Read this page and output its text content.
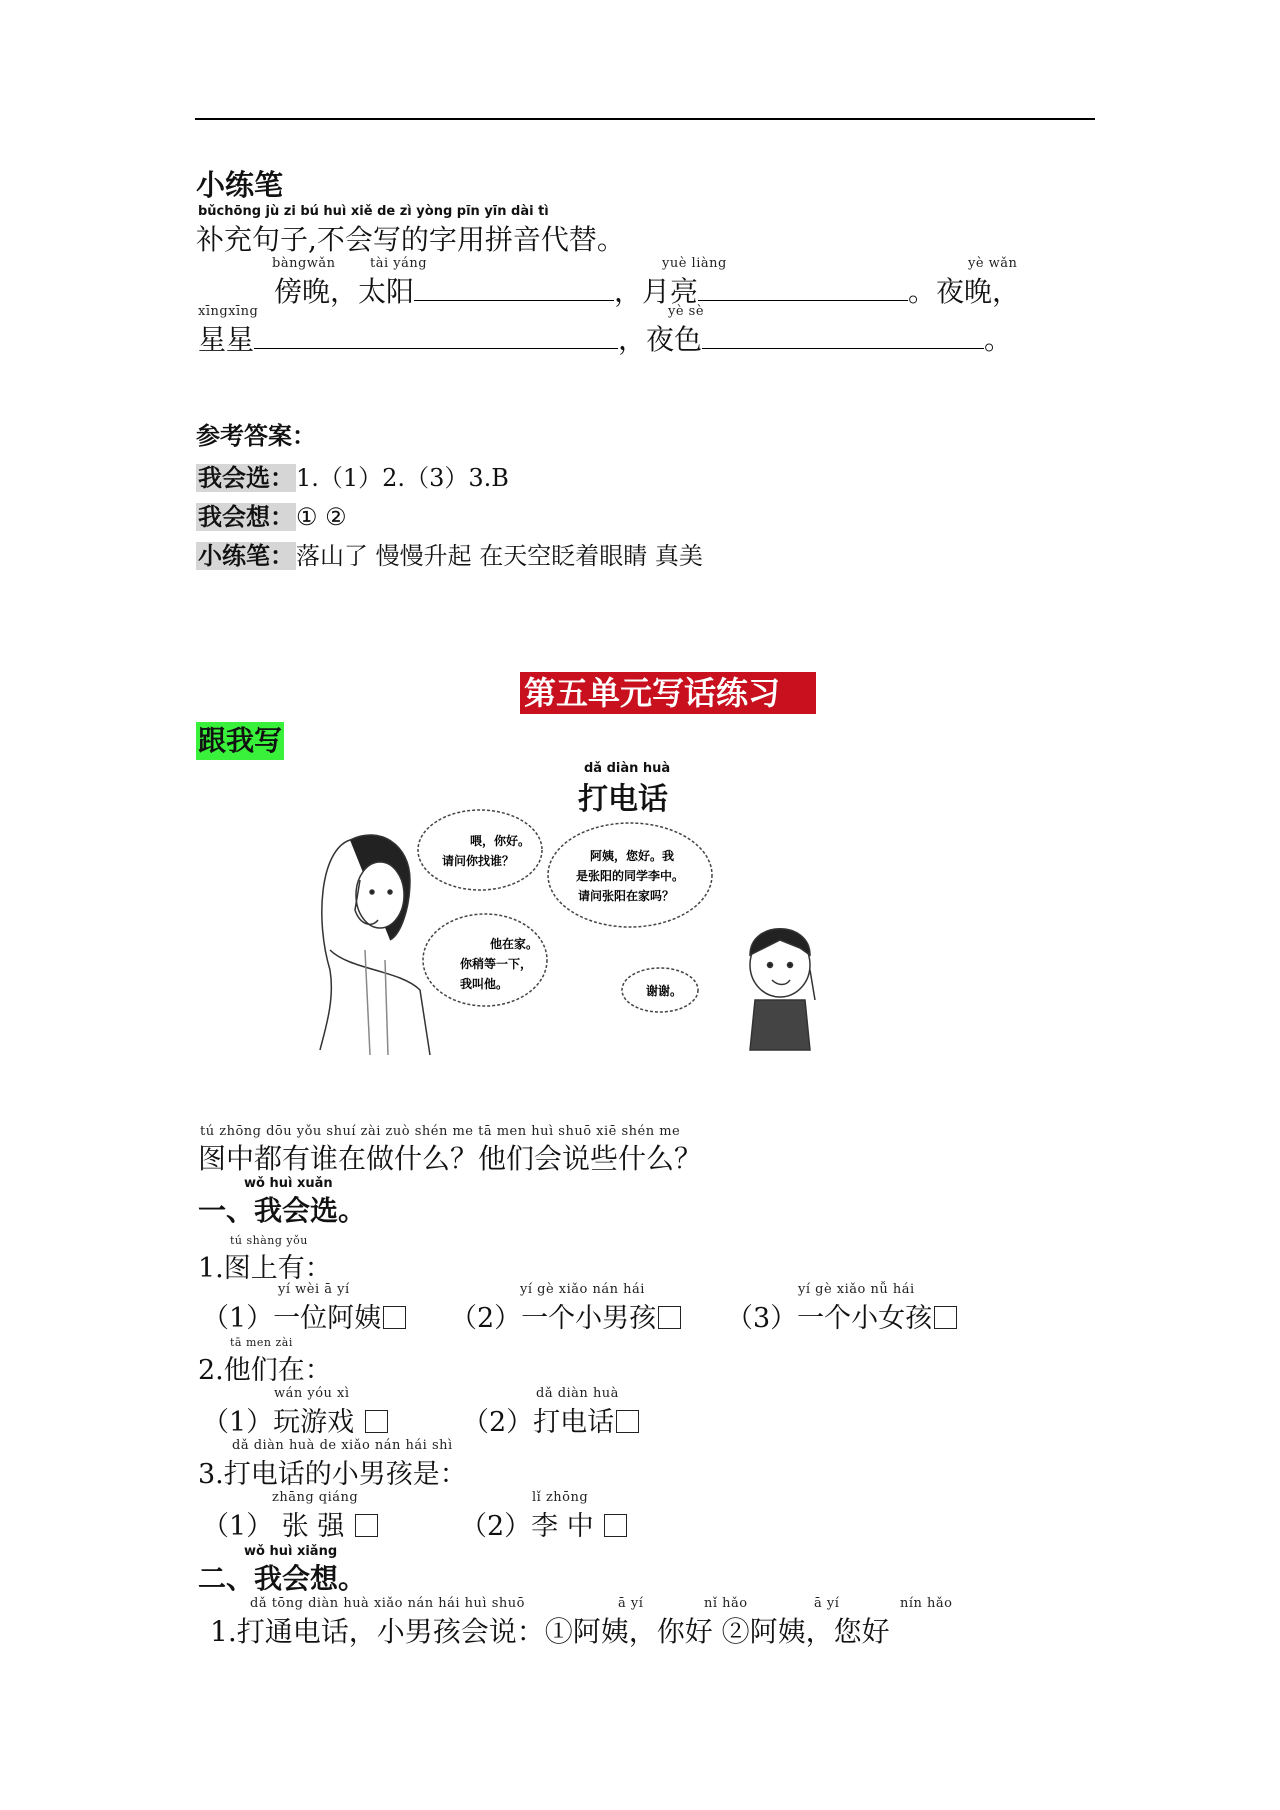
小练笔
bǔchōng jù zi bú huì xiě de zì yòng pīn yīn dài tì
补充句子,不会写的字用拼音代替。
bàngwǎn	tài yáng	yuè liàng	yè wǎn
傍晚，太阳	，月亮	。夜晚，
xīngxīng	yè sè
星星	，夜色	。
参考答案：
我会选：1.（1）2.（3）3.B
我会想：① ②
小练笔：落山了 慢慢升起 在天空眨着眼睛 真美
第五单元写话练习
跟我写
dǎ diàn huà
打电话
喂，你好。
请问你找谁？
他在家。
你稍等一下，
我叫他。
阿姨，您好。我
是张阳的同学李中。
请问张阳在家吗？
谢谢。
tú zhōng dōu yǒu shuí zài zuò shén me tā men huì shuō xiē shén me
图中都有谁在做什么？他们会说些什么？
wǒ huì xuǎn
一、我会选。
tú shàng yǒu
1.图上有：
yí wèi ā yí	yí gè xiǎo nán hái	yí gè xiǎo nǚ hái
（1）一位阿姨	（2）一个小男孩	（3）一个小女孩
tā men zài
2.他们在：
wán yóu xì	dǎ diàn huà
（1）玩游戏	（2）打电话
dǎ diàn huà de xiǎo nán hái shì
3.打电话的小男孩是：
zhāng qiáng	lǐ zhōng
（1） 张 强	（2）李 中
wǒ huì xiǎng
二、我会想。
dǎ tōng diàn huà xiǎo nán hái huì shuō	ā yí	nǐ hǎo	ā yí	nín hǎo
1.打通电话，小男孩会说：①阿姨，你好 ②阿姨，您好
